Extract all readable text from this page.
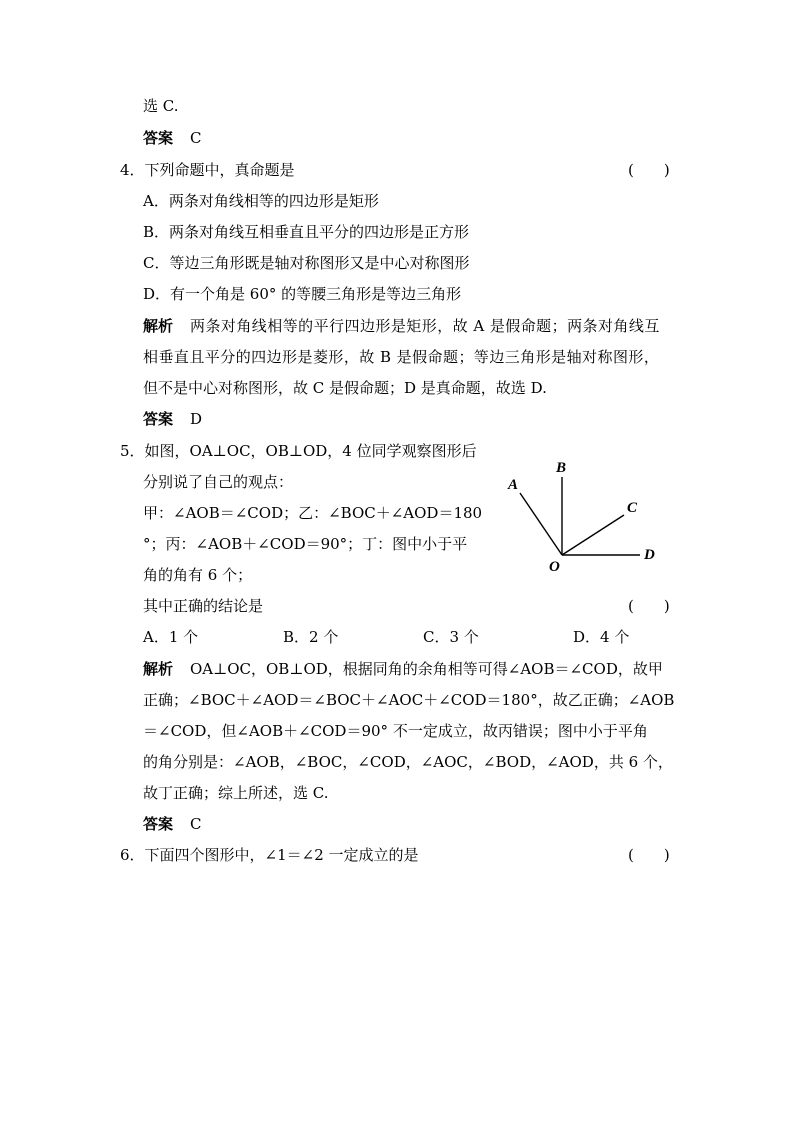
选 C.
答案 C
4．下列命题中，真命题是	(　　)
A．两条对角线相等的四边形是矩形
B．两条对角线互相垂直且平分的四边形是正方形
C．等边三角形既是轴对称图形又是中心对称图形
D．有一个角是 60° 的等腰三角形是等边三角形
解析 两条对角线相等的平行四边形是矩形，故 A 是假命题；两条对角线互
相垂直且平分的四边形是菱形，故 B 是假命题；等边三角形是轴对称图形，
但不是中心对称图形，故 C 是假命题；D 是真命题，故选 D.
答案 D
5．如图，OA⊥OC，OB⊥OD，4 位同学观察图形后
分别说了自己的观点：
甲：∠AOB＝∠COD；乙：∠BOC＋∠AOD＝180
°；丙：∠AOB＋∠COD＝90°；丁：图中小于平
角的角有 6 个；
其中正确的结论是	(　　)
A．1 个	B．2 个	C．3 个	D．4 个
解析 OA⊥OC，OB⊥OD，根据同角的余角相等可得∠AOB＝∠COD，故甲
正确；∠BOC＋∠AOD＝∠BOC＋∠AOC＋∠COD＝180°，故乙正确；∠AOB
＝∠COD，但∠AOB＋∠COD＝90° 不一定成立，故丙错误；图中小于平角
的角分别是：∠AOB，∠BOC，∠COD，∠AOC，∠BOD，∠AOD，共 6 个，
故丁正确；综上所述，选 C.
答案 C
6．下面四个图形中，∠1＝∠2 一定成立的是	(　　)
A
B
C
D
O
